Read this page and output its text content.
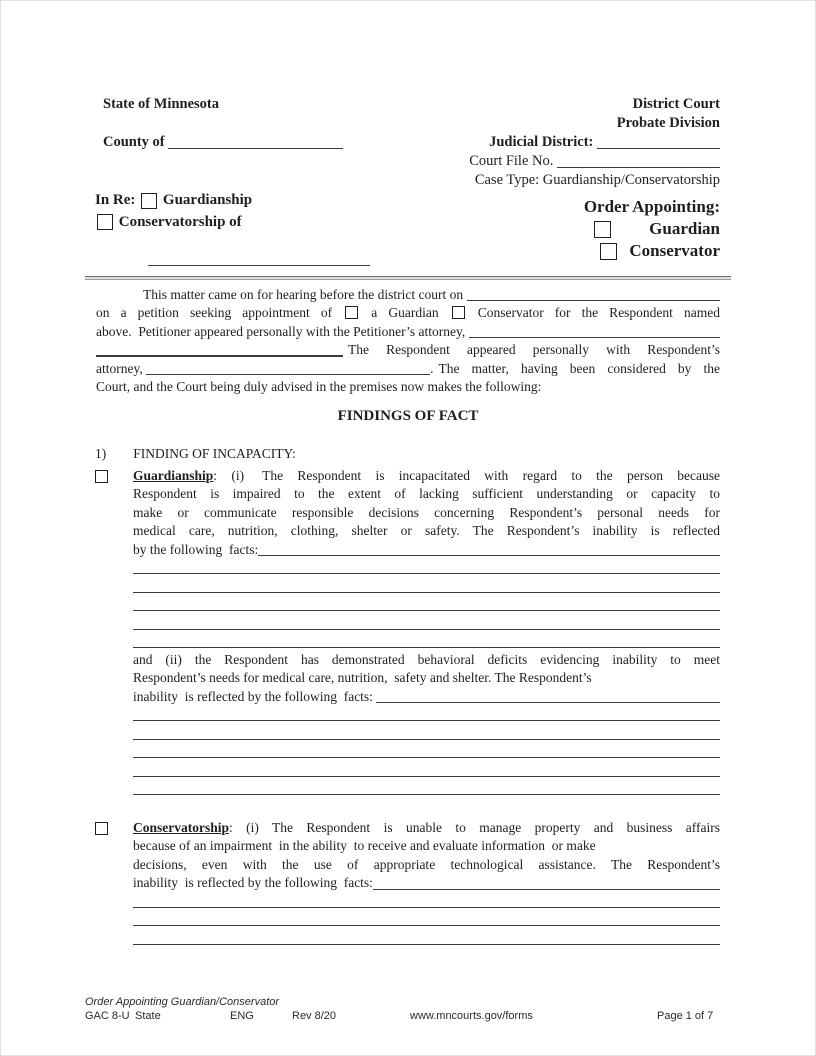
State of Minnesota
County of
District Court
Probate Division
Judicial District:
Court File No.
Case Type: Guardianship/Conservatorship
In Re: Guardianship
Conservatorship of
Order Appointing:
Guardian
Conservator
This matter came on for hearing before the district court on
on a petition seeking appointment of  a Guardian  Conservator for the Respondent named
above.  Petitioner appeared personally with the Petitioner’s attorney,
The Respondent appeared personally with Respondent’s
attorney,	. The matter, having been considered by the
Court, and the Court being duly advised in the premises now makes the following:
FINDINGS OF FACT
1) FINDING OF INCAPACITY:
Guardianship: (i) The Respondent is incapacitated with regard to the person because
Respondent is impaired to the extent of lacking sufficient understanding or capacity to
make or communicate responsible decisions concerning Respondent’s personal needs for
medical care, nutrition, clothing, shelter or safety. The Respondent’s inability is reflected
by the following  facts:
and (ii) the Respondent has demonstrated behavioral deficits evidencing inability to meet
Respondent’s needs for medical care, nutrition,  safety and shelter. The Respondent’s
inability  is reflected by the following  facts:
Conservatorship: (i) The Respondent is unable to manage property and business affairs
because of an impairment  in the ability  to receive and evaluate information  or make
decisions, even with the use of appropriate technological assistance. The Respondent’s
inability  is reflected by the following  facts:
Order Appointing Guardian/Conservator
GAC 8-U State	ENG	Rev 8/20	www.mncourts.gov/forms	Page 1 of 7
